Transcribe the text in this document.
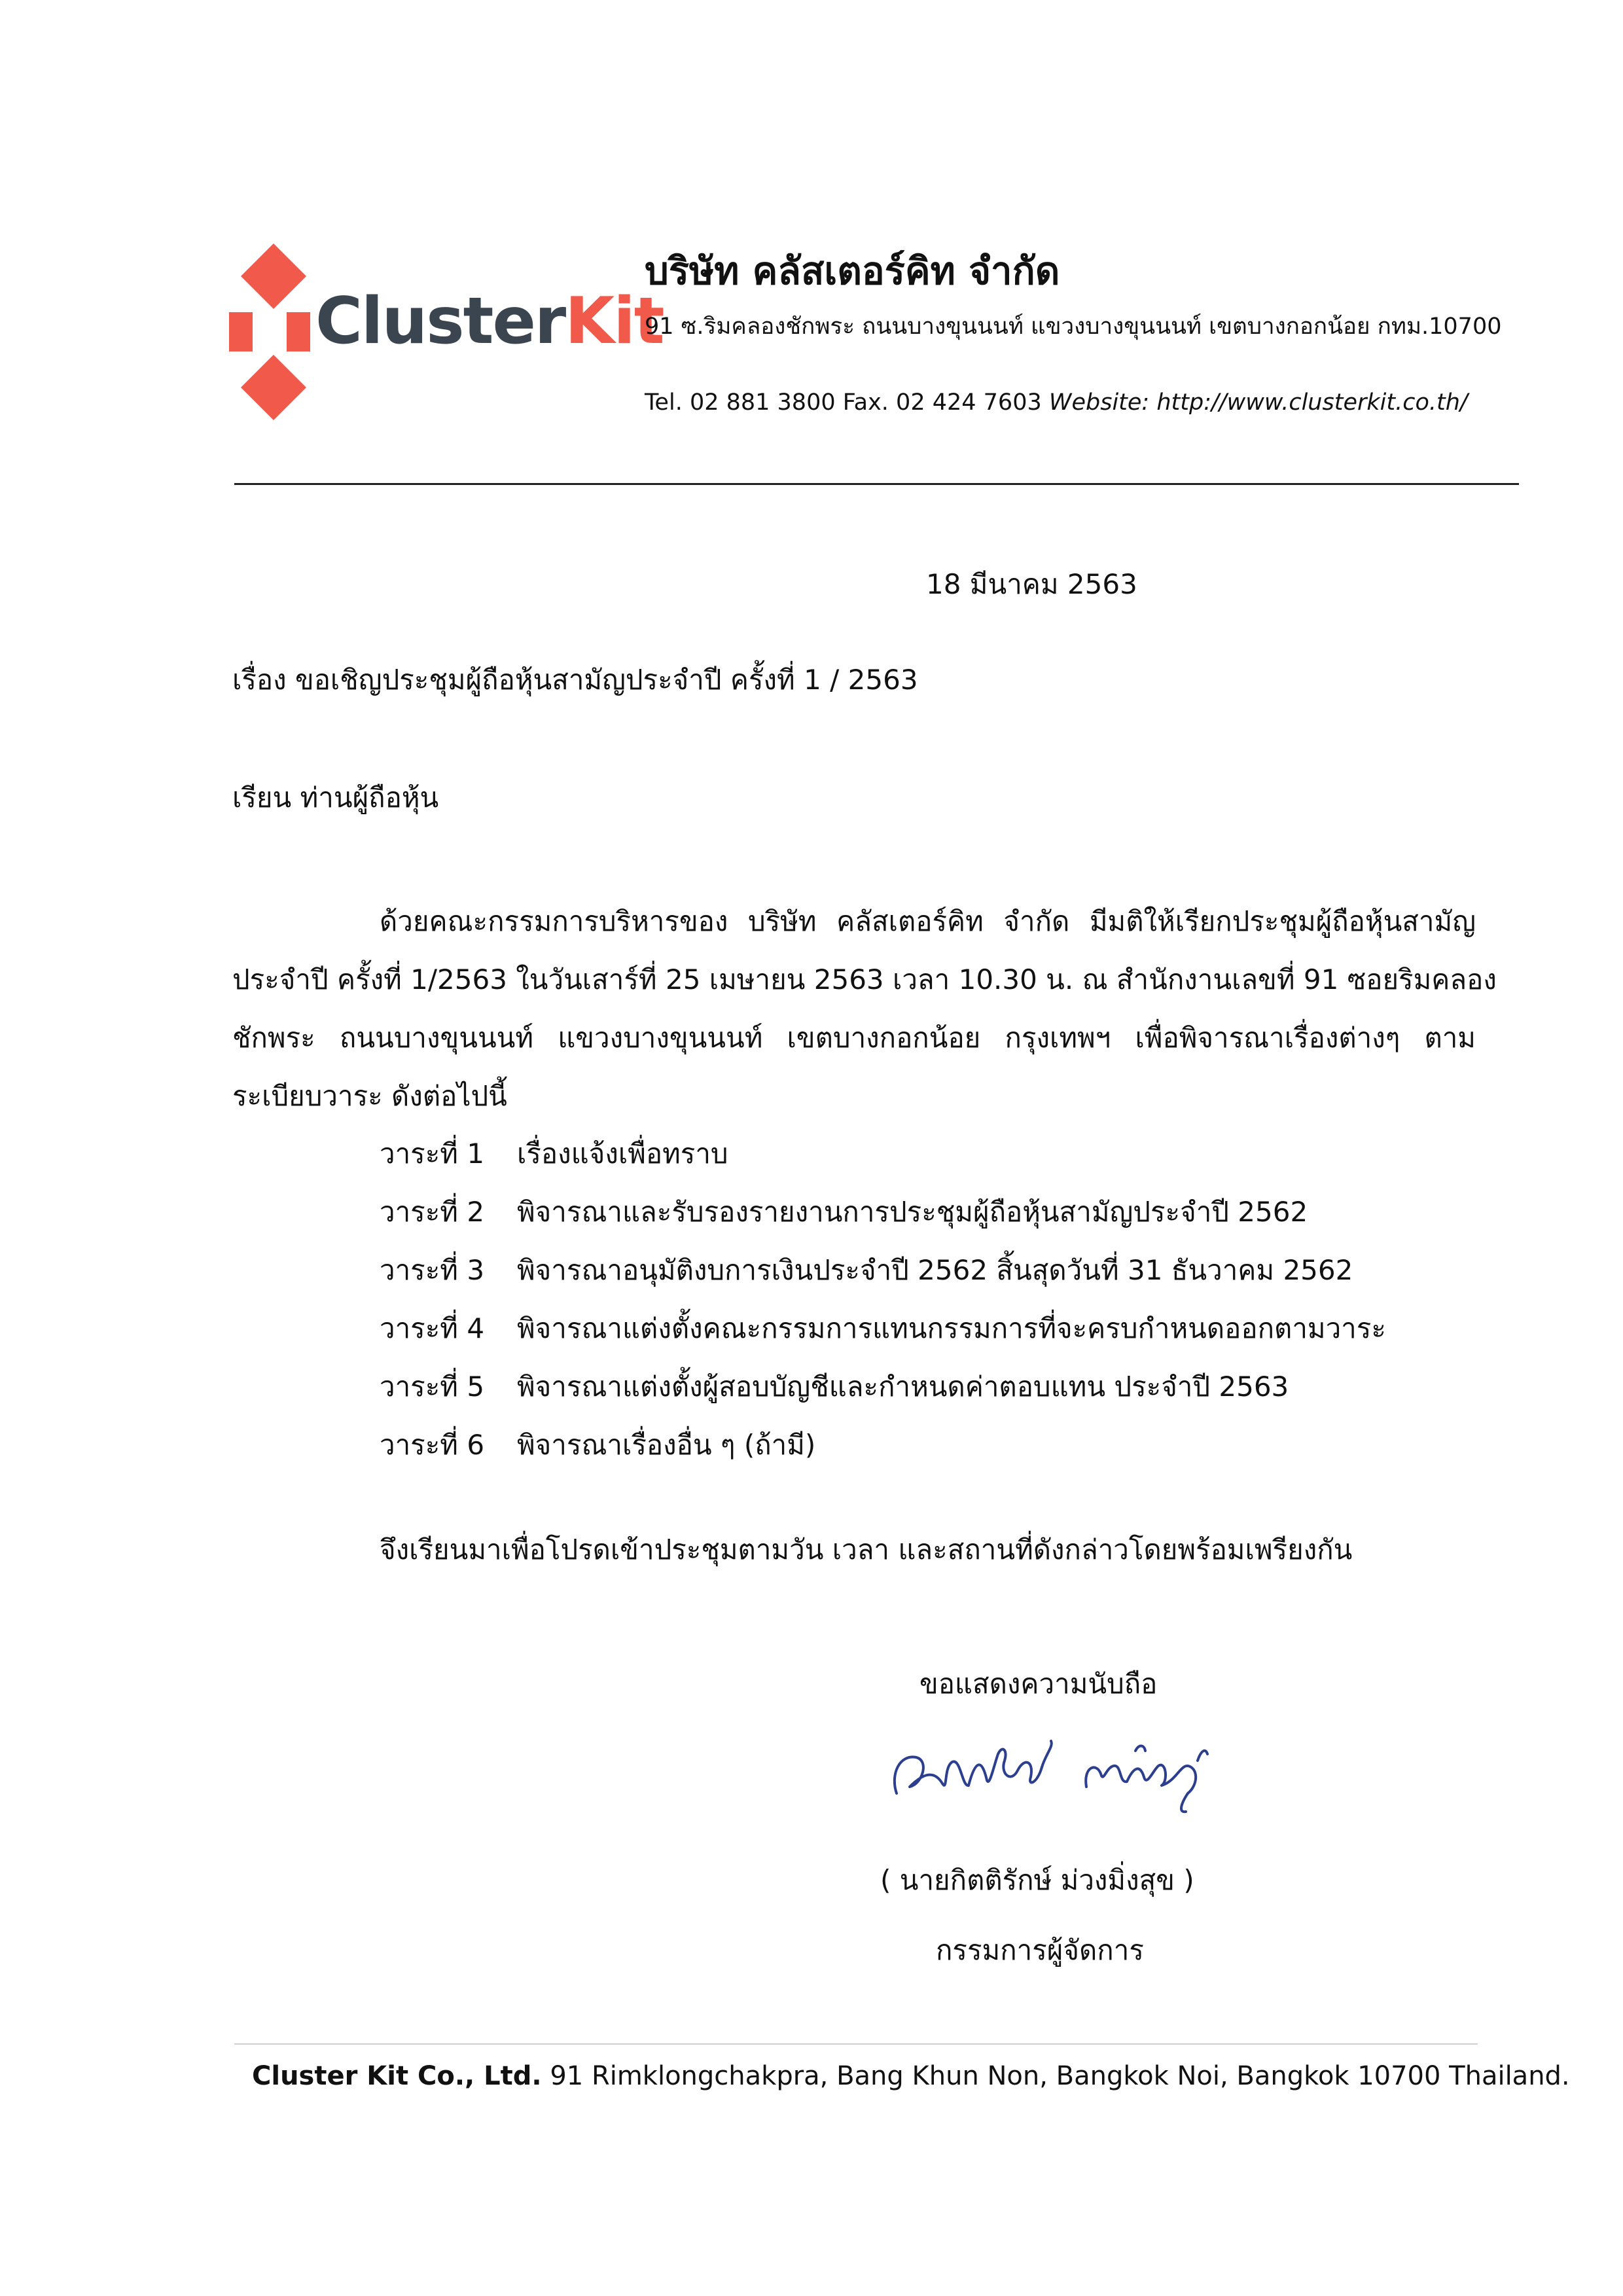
ClusterKit
บริษัท คลัสเตอร์คิท จำกัด
91 ซ.ริมคลองชักพระ ถนนบางขุนนนท์ แขวงบางขุนนนท์ เขตบางกอกน้อย กทม.10700
Tel. 02 881 3800 Fax. 02 424 7603 Website: http://www.clusterkit.co.th/
18 มีนาคม 2563
เรื่อง ขอเชิญประชุมผู้ถือหุ้นสามัญประจำปี ครั้งที่ 1 / 2563
เรียน ท่านผู้ถือหุ้น

ด้วยคณะกรรมการบริหารของ บริษัท คลัสเตอร์คิท จำกัด มีมติให้เรียกประชุมผู้ถือหุ้นสามัญ

ประจำปี ครั้งที่ 1/2563 ในวันเสาร์ที่ 25 เมษายน 2563 เวลา 10.30 น. ณ สำนักงานเลขที่ 91 ซอยริมคลอง

ชักพระ ถนนบางขุนนนท์ แขวงบางขุนนนท์ เขตบางกอกน้อย กรุงเทพฯ เพื่อพิจารณาเรื่องต่างๆ ตาม

ระเบียบวาระ ดังต่อไปนี้

วาระที่ 1 เรื่องแจ้งเพื่อทราบ
วาระที่ 2 พิจารณาและรับรองรายงานการประชุมผู้ถือหุ้นสามัญประจำปี 2562
วาระที่ 3 พิจารณาอนุมัติงบการเงินประจำปี 2562 สิ้นสุดวันที่ 31 ธันวาคม 2562
วาระที่ 4 พิจารณาแต่งตั้งคณะกรรมการแทนกรรมการที่จะครบกำหนดออกตามวาระ
วาระที่ 5 พิจารณาแต่งตั้งผู้สอบบัญชีและกำหนดค่าตอบแทน ประจำปี 2563
วาระที่ 6 พิจารณาเรื่องอื่น ๆ (ถ้ามี)
จึงเรียนมาเพื่อโปรดเข้าประชุมตามวัน เวลา และสถานที่ดังกล่าวโดยพร้อมเพรียงกัน
ขอแสดงความนับถือ
( นายกิตติรักษ์ ม่วงมิ่งสุข )
กรรมการผู้จัดการ
Cluster Kit Co., Ltd. 91 Rimklongchakpra, Bang Khun Non, Bangkok Noi, Bangkok 10700 Thailand.
